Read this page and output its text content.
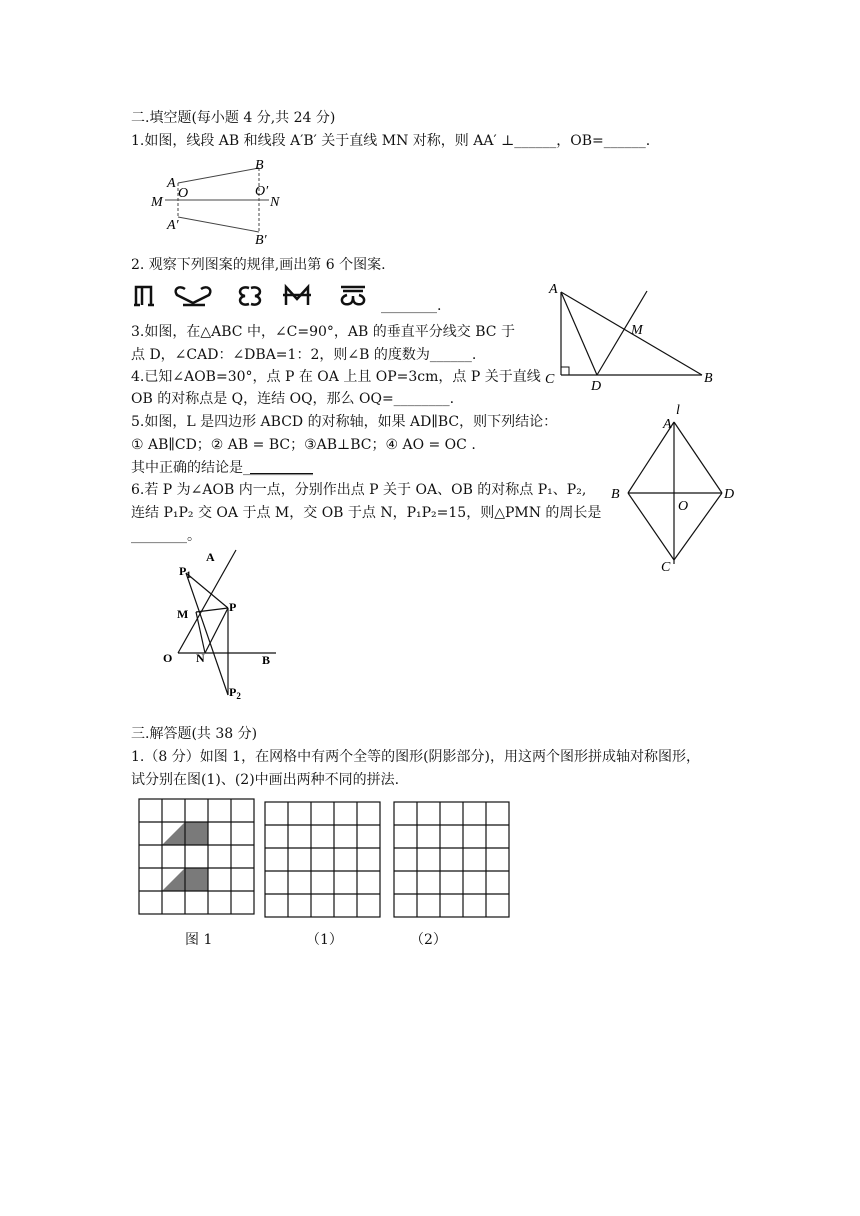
二.填空题(每小题 4 分,共 24 分)
1.如图，线段 AB 和线段 A′B′ 关于直线 MN 对称，则 AA′ ⊥______，OB=______.
A
B
O	O′
M	N
A′
B′
2. 观察下列图案的规律,画出第 6 个图案.
________.
3.如图，在△ABC 中，∠C=90°，AB 的垂直平分线交 BC 于
点 D，∠CAD：∠DBA=1：2，则∠B 的度数为______.
A
M
C	D
B
4.已知∠AOB=30°，点 P 在 OA 上且 OP=3cm，点 P 关于直线
OB 的对称点是 Q，连结 OQ，那么 OQ=________.
5.如图，L 是四边形 ABCD 的对称轴，如果 AD∥BC，则下列结论：
① AB∥CD；② AB = BC；③AB⊥BC；④ AO = OC .
其中正确的结论是__________
l
A
B
O
D
C
6.若 P 为∠AOB 内一点，分别作出点 P 关于 OA、OB 的对称点 P₁、P₂,
连结 P₁P₂ 交 OA 于点 M，交 OB 于点 N，P₁P₂=15，则△PMN 的周长是
________。
A
$P_1$
M	P
O N	B
$P_2$
三.解答题(共 38 分)
1.（8 分）如图 1，在网格中有两个全等的图形(阴影部分)，用这两个图形拼成轴对称图形，
试分别在图(1)、(2)中画出两种不同的拼法.
图 1	（1）	（2）
